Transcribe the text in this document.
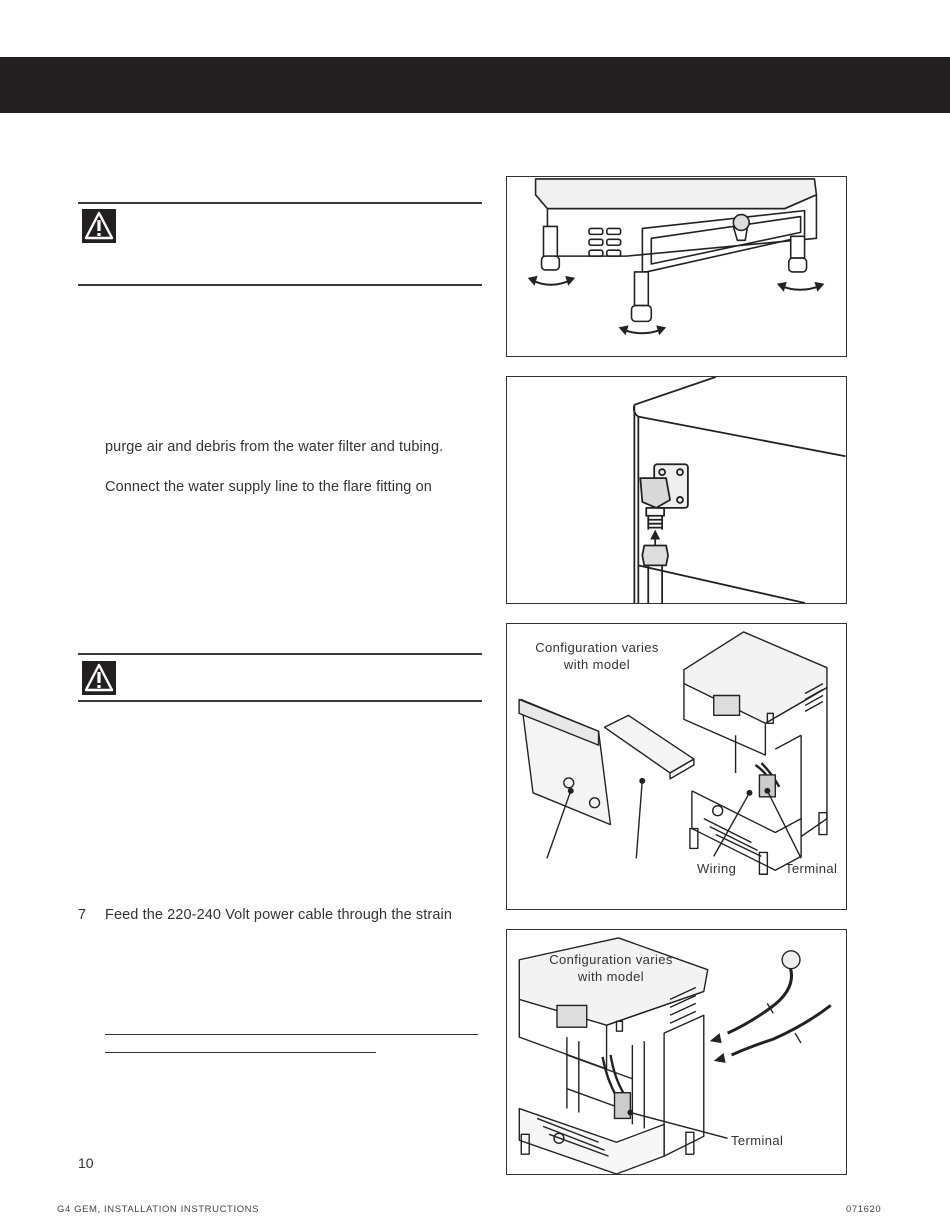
purge air and debris from the water filter and tubing.
Connect the water supply line to the flare fitting on
7 Feed the 220-240 Volt power cable through the strain
10
G4 GEM, INSTALLATION INSTRUCTIONS	071620
Configuration varies
with model
Wiring	Terminal
Configuration varies
with model
Terminal
